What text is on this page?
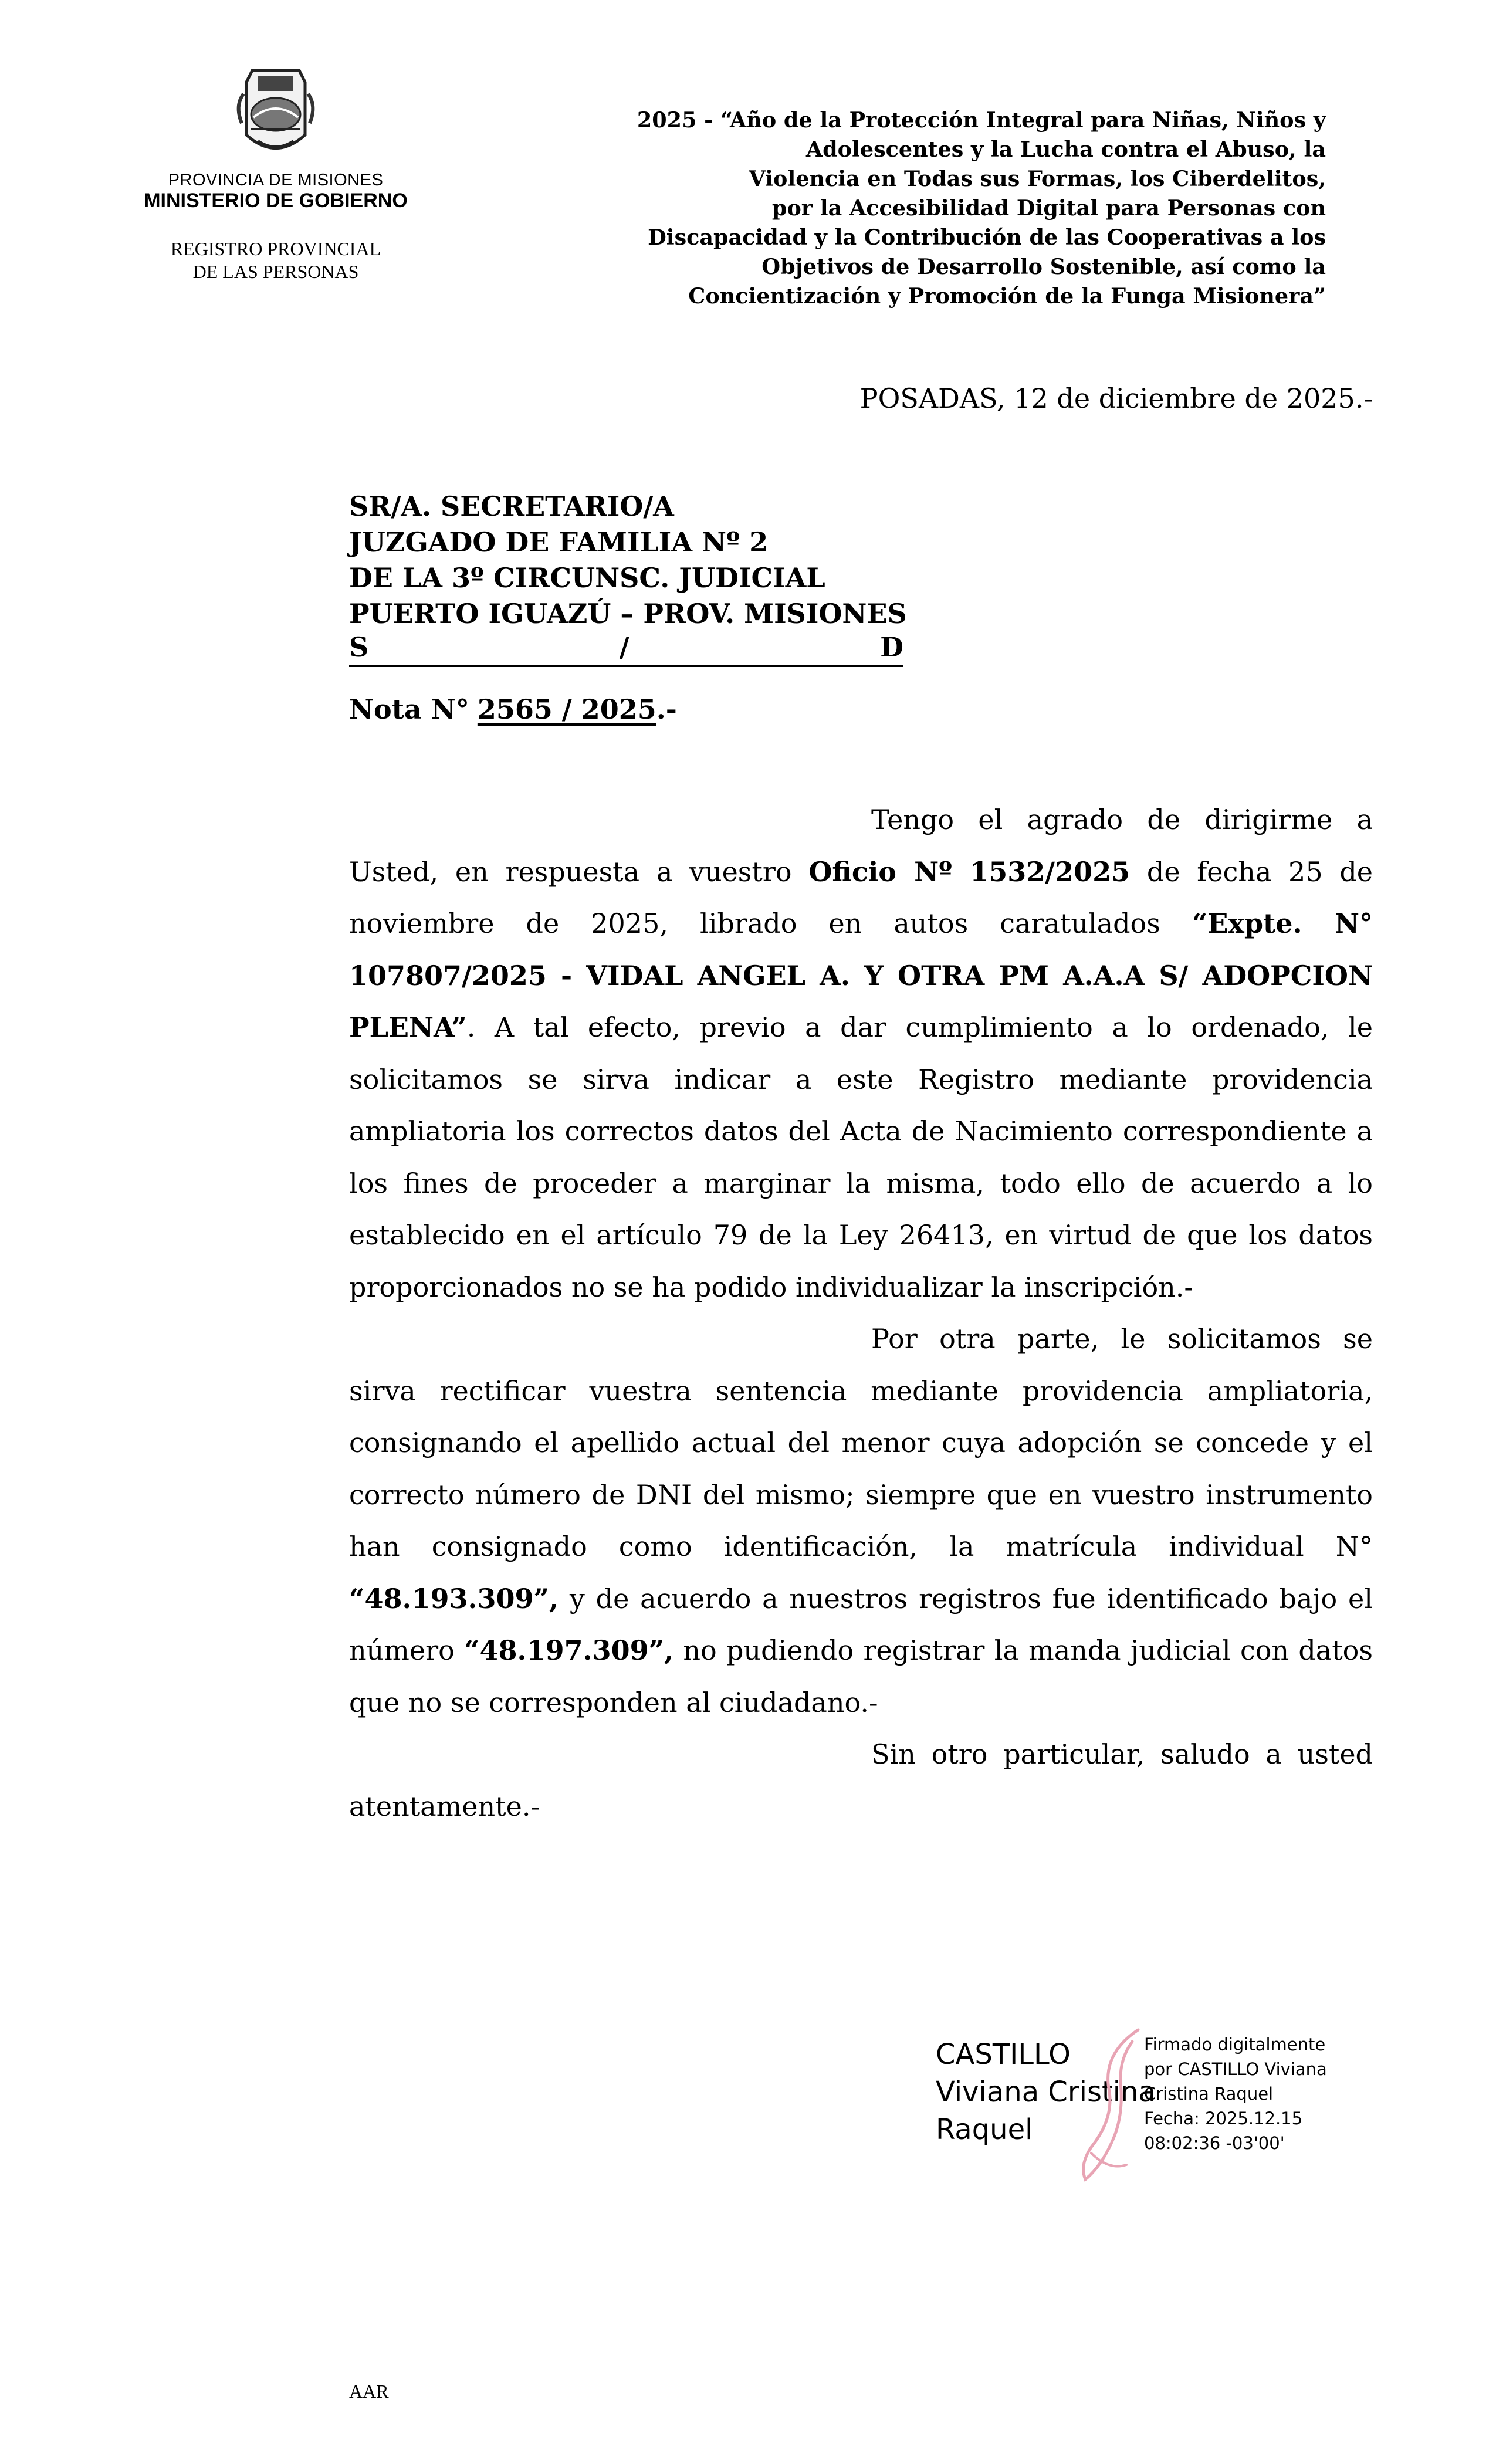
PROVINCIA DE MISIONES
MINISTERIO DE GOBIERNO
REGISTRO PROVINCIAL
DE LAS PERSONAS
2025 - “Año de la Protección Integral para Niñas, Niños y
Adolescentes y la Lucha contra el Abuso, la
Violencia en Todas sus Formas, los Ciberdelitos,
por la Accesibilidad Digital para Personas con
Discapacidad y la Contribución de las Cooperativas a los
Objetivos de Desarrollo Sostenible, así como la
Concientización y Promoción de la Funga Misionera”
POSADAS, 12 de diciembre de 2025.-
SR/A. SECRETARIO/A
JUZGADO DE FAMILIA Nº 2
DE LA 3º CIRCUNSC. JUDICIAL
PUERTO IGUAZÚ – PROV. MISIONES
S	/	D
Nota N° 2565 / 2025.-

Tengo el agrado de dirigirme a Usted, en respuesta a vuestro Oficio Nº 1532/2025 de fecha 25 de noviembre de 2025, librado en autos caratulados “Expte. N° 107807/2025 - VIDAL ANGEL A. Y OTRA PM A.A.A S/ ADOPCION PLENA”. A tal efecto, previo a dar cumplimiento a lo ordenado, le solicitamos se sirva indicar a este Registro mediante providencia ampliatoria los correctos datos del Acta de Nacimiento correspondiente a los fines de proceder a marginar la misma, todo ello de acuerdo a lo establecido en el artículo 79 de la Ley 26413, en virtud de que los datos proporcionados no se ha podido individualizar la inscripción.-

Por otra parte, le solicitamos se sirva rectificar vuestra sentencia mediante providencia ampliatoria, consignando el apellido actual del menor cuya adopción se concede y el correcto número de DNI del mismo; siempre que en vuestro instrumento han consignado como identificación, la matrícula individual N° “48.193.309”, y de acuerdo a nuestros registros fue identificado bajo el número “48.197.309”, no pudiendo registrar la manda judicial con datos que no se corresponden al ciudadano.-

Sin otro particular, saludo a usted atentamente.-

CASTILLO
Viviana Cristina
Raquel
Firmado digitalmente
por CASTILLO Viviana
Cristina Raquel
Fecha: 2025.12.15
08:02:36 -03'00'
AAR
